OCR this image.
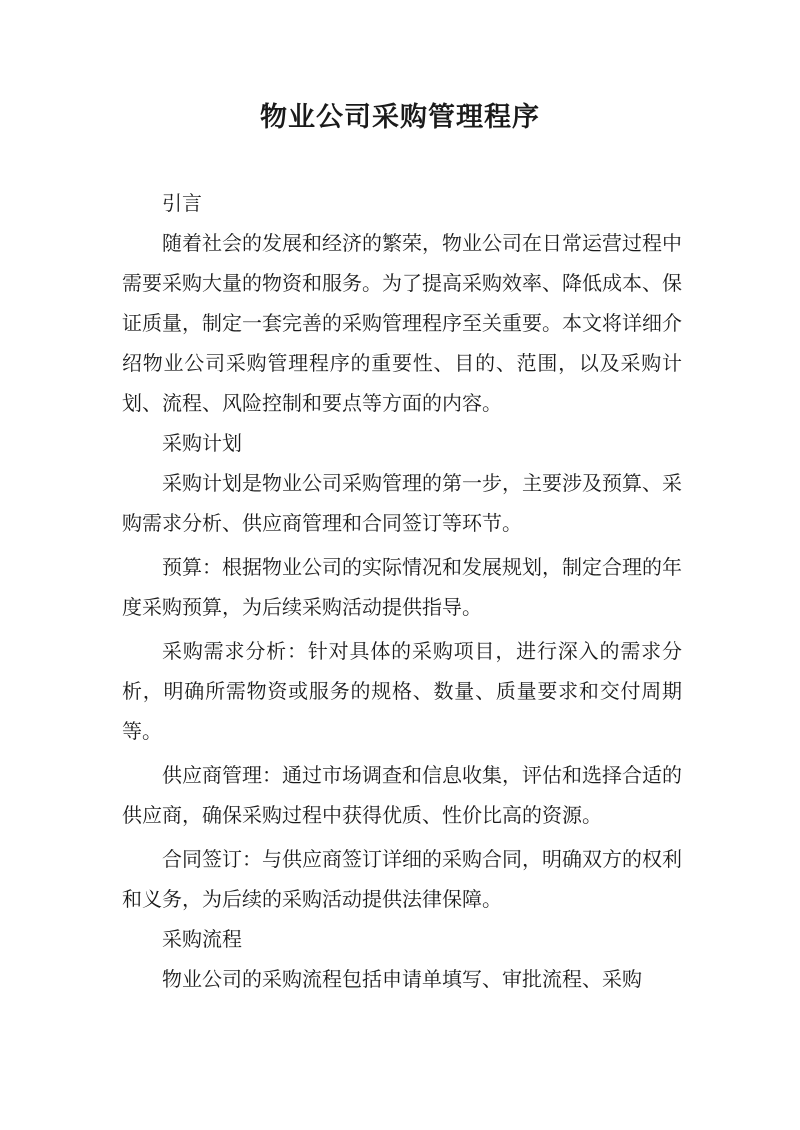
物业公司采购管理程序

引言

随着社会的发展和经济的繁荣，物业公司在日常运营过程中需要采购大量的物资和服务。为了提高采购效率、降低成本、保证质量，制定一套完善的采购管理程序至关重要。本文将详细介绍物业公司采购管理程序的重要性、目的、范围，以及采购计划、流程、风险控制和要点等方面的内容。

采购计划

采购计划是物业公司采购管理的第一步，主要涉及预算、采购需求分析、供应商管理和合同签订等环节。

预算：根据物业公司的实际情况和发展规划，制定合理的年度采购预算，为后续采购活动提供指导。

采购需求分析：针对具体的采购项目，进行深入的需求分析，明确所需物资或服务的规格、数量、质量要求和交付周期等。

供应商管理：通过市场调查和信息收集，评估和选择合适的供应商，确保采购过程中获得优质、性价比高的资源。

合同签订：与供应商签订详细的采购合同，明确双方的权利和义务，为后续的采购活动提供法律保障。

采购流程

物业公司的采购流程包括申请单填写、审批流程、采购
